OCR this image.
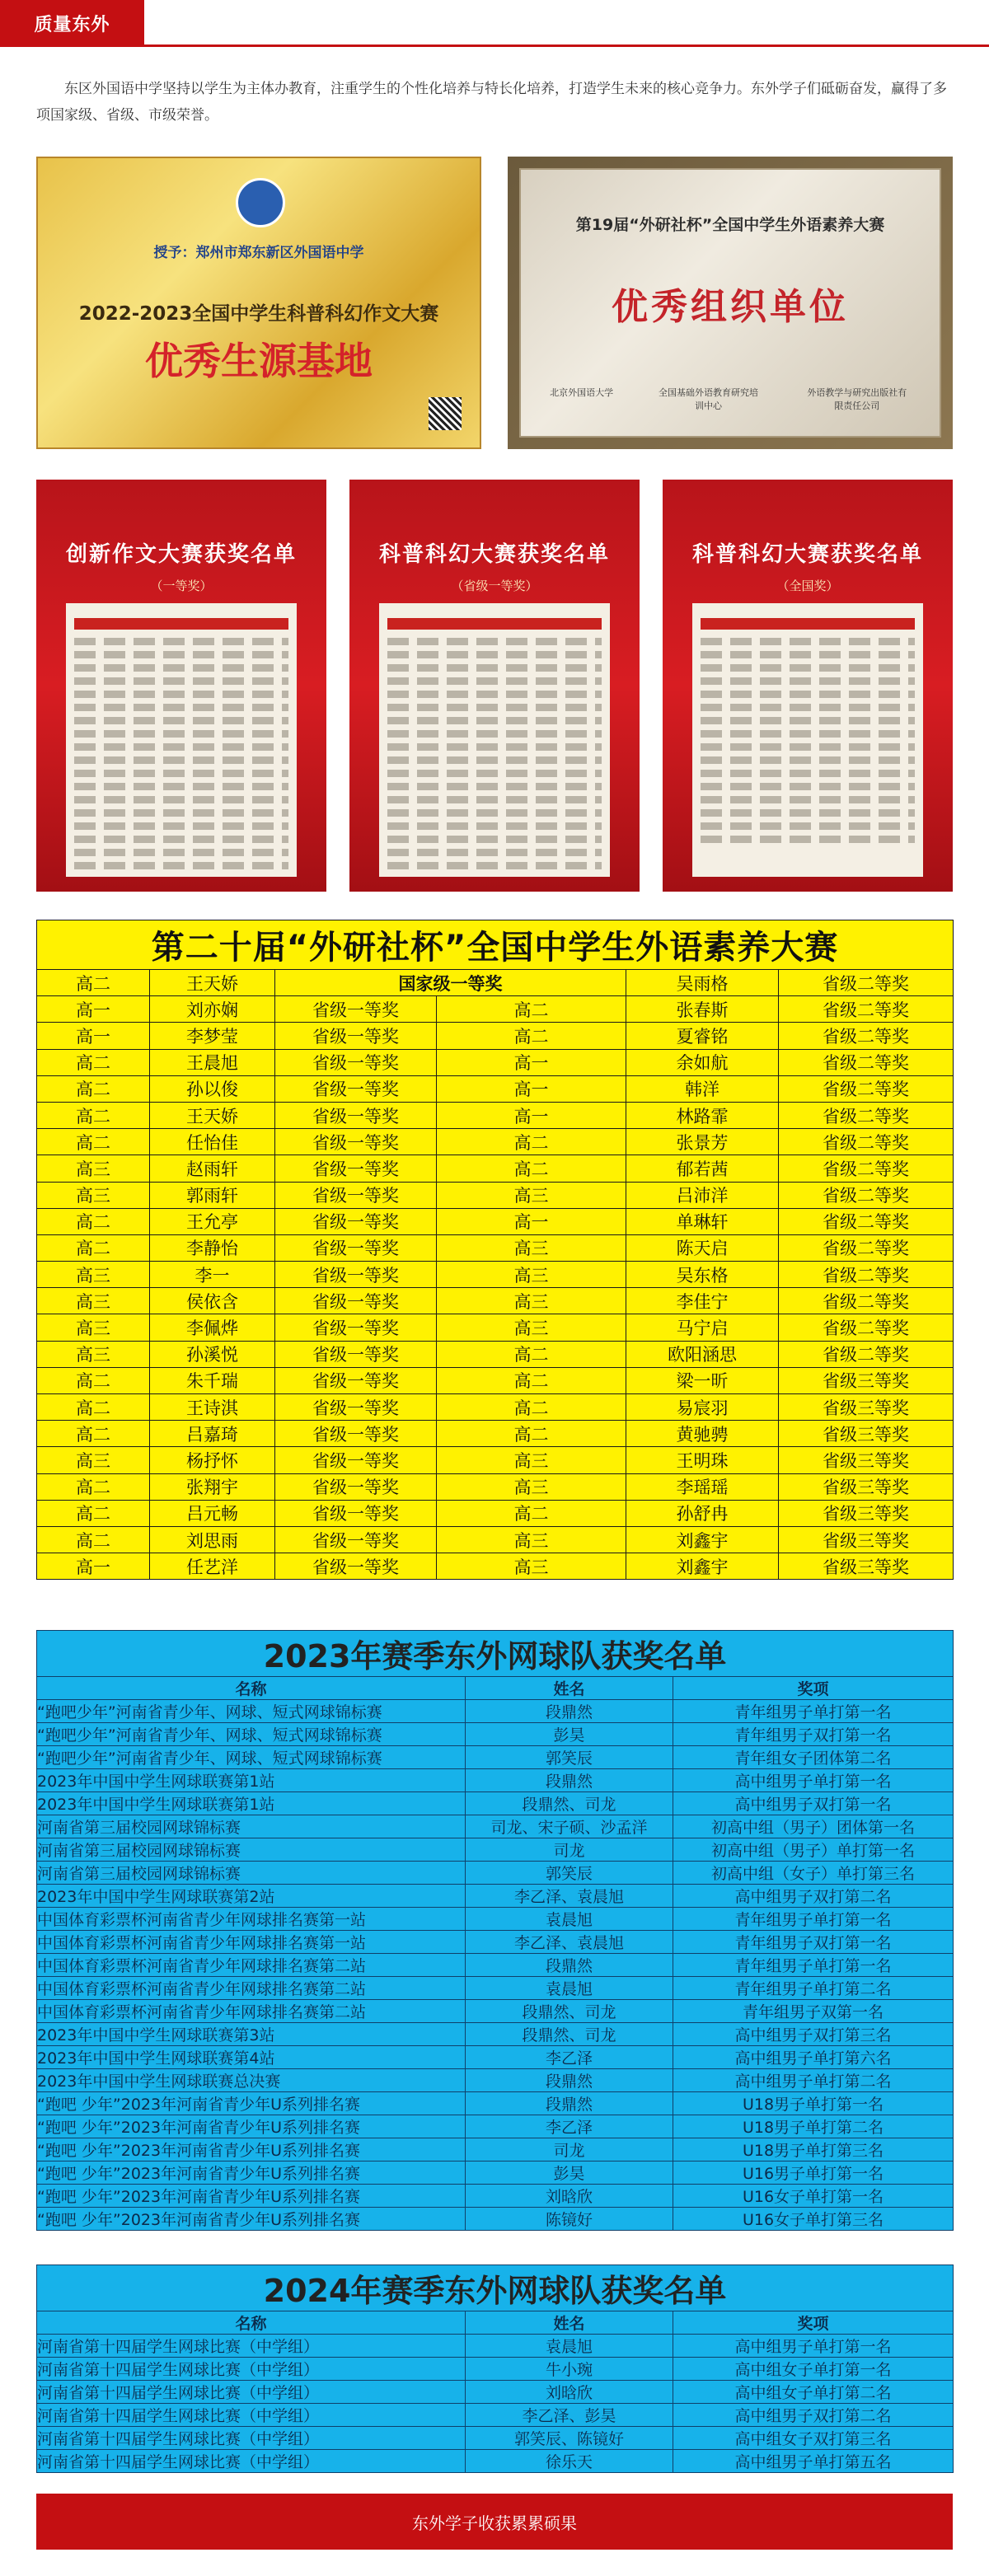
质量东外

东区外国语中学坚持以学生为主体办教育，注重学生的个性化培养与特长化培养，打造学生未来的核心竞争力。东外学子们砥砺奋发，赢得了多项国家级、省级、市级荣誉。

授予：郑州市郑东新区外国语中学
2022-2023全国中学生科普科幻作文大赛
优秀生源基地
第19届“外研社杯”全国中学生外语素养大赛
优秀组织单位
北京外国语大学	全国基础外语教育研究培训中心
外语教学与研究出版社有限责任公司
创新作文大赛获奖名单
（一等奖）
科普科幻大赛获奖名单
（省级一等奖）
科普科幻大赛获奖名单
（全国奖）
第二十届“外研社杯”全国中学生外语素养大赛					
高二	王天娇	国家级一等奖		吴雨格	省级二等奖
高一	刘亦娴	省级一等奖	高二	张春斯	省级二等奖
高一	李梦莹	省级一等奖	高二	夏睿铭	省级二等奖
高二	王晨旭	省级一等奖	高一	余如航	省级二等奖
高二	孙以俊	省级一等奖	高一	韩洋	省级二等奖
高二	王天娇	省级一等奖	高一	林路霏	省级二等奖
高二	任怡佳	省级一等奖	高二	张景芳	省级二等奖
高三	赵雨轩	省级一等奖	高二	郁若茜	省级二等奖
高三	郭雨轩	省级一等奖	高三	吕沛洋	省级二等奖
高二	王允亭	省级一等奖	高一	单琳轩	省级二等奖
高二	李静怡	省级一等奖	高三	陈天启	省级二等奖
高三	李一	省级一等奖	高三	吴东格	省级二等奖
高三	侯依含	省级一等奖	高三	李佳宁	省级二等奖
高三	李佩烨	省级一等奖	高三	马宁启	省级二等奖
高三	孙溪悦	省级一等奖	高二	欧阳涵思	省级二等奖
高二	朱千瑞	省级一等奖	高二	梁一昕	省级三等奖
高二	王诗淇	省级一等奖	高二	易宸羽	省级三等奖
高二	吕嘉琦	省级一等奖	高二	黄驰骋	省级三等奖
高三	杨抒怀	省级一等奖	高三	王明珠	省级三等奖
高二	张翔宇	省级一等奖	高三	李瑶瑶	省级三等奖
高二	吕元畅	省级一等奖	高二	孙舒冉	省级三等奖
高二	刘思雨	省级一等奖	高三	刘鑫宇	省级三等奖
高一	任艺洋	省级一等奖	高三	刘鑫宇	省级三等奖
2023年赛季东外网球队获奖名单		
名称	姓名	奖项
“跑吧少年”河南省青少年、网球、短式网球锦标赛	段鼎然	青年组男子单打第一名
“跑吧少年”河南省青少年、网球、短式网球锦标赛	彭昊	青年组男子双打第一名
“跑吧少年”河南省青少年、网球、短式网球锦标赛	郭笑辰	青年组女子团体第二名
2023年中国中学生网球联赛第1站	段鼎然	高中组男子单打第一名
2023年中国中学生网球联赛第1站	段鼎然、司龙	高中组男子双打第一名
河南省第三届校园网球锦标赛	司龙、宋子硕、沙孟洋	初高中组（男子）团体第一名
河南省第三届校园网球锦标赛	司龙	初高中组（男子）单打第一名
河南省第三届校园网球锦标赛	郭笑辰	初高中组（女子）单打第三名
2023年中国中学生网球联赛第2站	李乙泽、袁晨旭	高中组男子双打第二名
中国体育彩票杯河南省青少年网球排名赛第一站	袁晨旭	青年组男子单打第一名
中国体育彩票杯河南省青少年网球排名赛第一站	李乙泽、袁晨旭	青年组男子双打第一名
中国体育彩票杯河南省青少年网球排名赛第二站	段鼎然	青年组男子单打第一名
中国体育彩票杯河南省青少年网球排名赛第二站	袁晨旭	青年组男子单打第二名
中国体育彩票杯河南省青少年网球排名赛第二站	段鼎然、司龙	青年组男子双第一名
2023年中国中学生网球联赛第3站	段鼎然、司龙	高中组男子双打第三名
2023年中国中学生网球联赛第4站	李乙泽	高中组男子单打第六名
2023年中国中学生网球联赛总决赛	段鼎然	高中组男子单打第二名
“跑吧 少年”2023年河南省青少年U系列排名赛	段鼎然	U18男子单打第一名
“跑吧 少年”2023年河南省青少年U系列排名赛	李乙泽	U18男子单打第二名
“跑吧 少年”2023年河南省青少年U系列排名赛	司龙	U18男子单打第三名
“跑吧 少年”2023年河南省青少年U系列排名赛	彭昊	U16男子单打第一名
“跑吧 少年”2023年河南省青少年U系列排名赛	刘晗欣	U16女子单打第一名
“跑吧 少年”2023年河南省青少年U系列排名赛	陈镜好	U16女子单打第三名
2024年赛季东外网球队获奖名单		
名称	姓名	奖项
河南省第十四届学生网球比赛（中学组）	袁晨旭	高中组男子单打第一名
河南省第十四届学生网球比赛（中学组）	牛小琬	高中组女子单打第一名
河南省第十四届学生网球比赛（中学组）	刘晗欣	高中组女子单打第二名
河南省第十四届学生网球比赛（中学组）	李乙泽、彭昊	高中组男子双打第二名
河南省第十四届学生网球比赛（中学组）	郭笑辰、陈镜好	高中组女子双打第三名
河南省第十四届学生网球比赛（中学组）	徐乐天	高中组男子单打第五名
东外学子收获累累硕果
